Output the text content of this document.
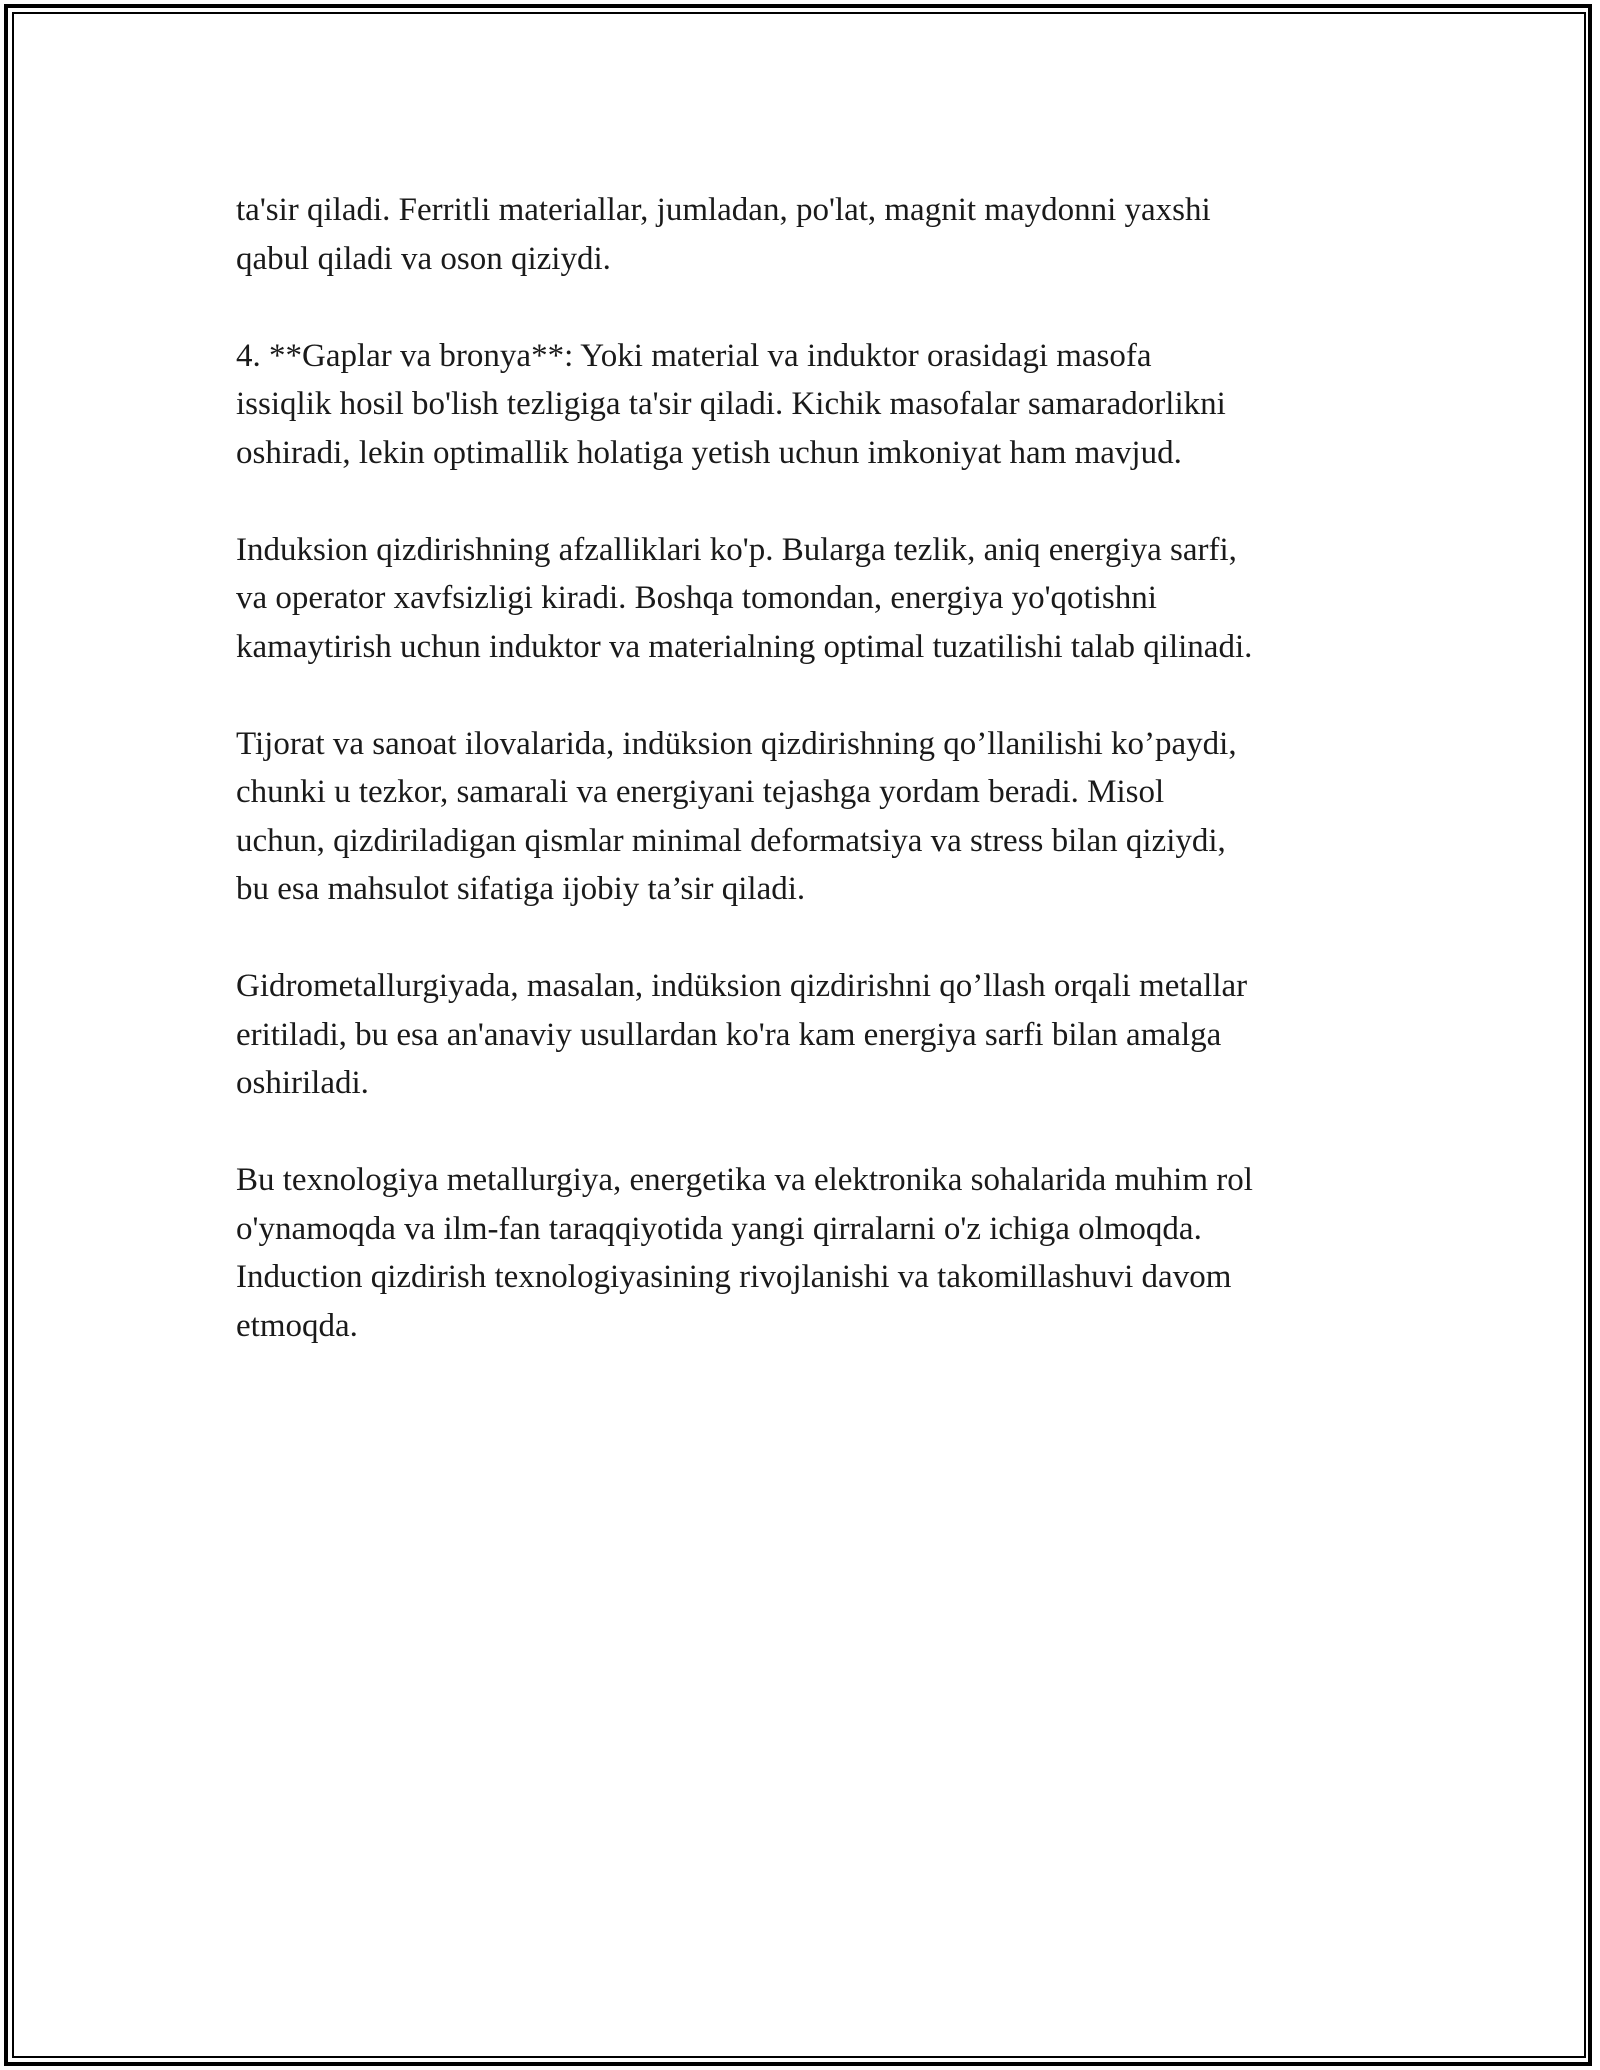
ta'sir qiladi. Ferritli materiallar, jumladan, po'lat, magnit maydonni yaxshi
qabul qiladi va oson qiziydi.

4. **Gaplar va bronya**: Yoki material va induktor orasidagi masofa
issiqlik hosil bo'lish tezligiga ta'sir qiladi. Kichik masofalar samaradorlikni
oshiradi, lekin optimallik holatiga yetish uchun imkoniyat ham mavjud.

Induksion qizdirishning afzalliklari ko'p. Bularga tezlik, aniq energiya sarfi,
va operator xavfsizligi kiradi. Boshqa tomondan, energiya yo'qotishni
kamaytirish uchun induktor va materialning optimal tuzatilishi talab qilinadi.

Tijorat va sanoat ilovalarida, indüksion qizdirishning qo’llanilishi ko’paydi,
chunki u tezkor, samarali va energiyani tejashga yordam beradi. Misol
uchun, qizdiriladigan qismlar minimal deformatsiya va stress bilan qiziydi,
bu esa mahsulot sifatiga ijobiy ta’sir qiladi.

Gidrometallurgiyada, masalan, indüksion qizdirishni qo’llash orqali metallar
eritiladi, bu esa an'anaviy usullardan ko'ra kam energiya sarfi bilan amalga
oshiriladi.

Bu texnologiya metallurgiya, energetika va elektronika sohalarida muhim rol
o'ynamoqda va ilm-fan taraqqiyotida yangi qirralarni o'z ichiga olmoqda.
Induction qizdirish texnologiyasining rivojlanishi va takomillashuvi davom
etmoqda.
